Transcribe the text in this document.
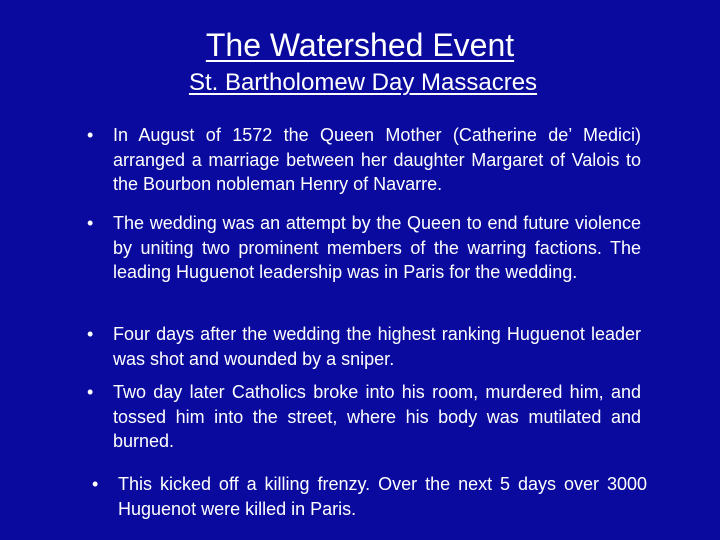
The Watershed Event
St. Bartholomew Day Massacres
• In August of 1572 the Queen Mother (Catherine de’ Medici) arranged a marriage between her daughter Margaret of Valois to the Bourbon nobleman Henry of Navarre.
• The wedding was an attempt by the Queen to end future violence by uniting two prominent members of the warring factions. The leading Huguenot leadership was in Paris for the wedding.
• Four days after the wedding the highest ranking Huguenot leader was shot and wounded by a sniper.
• Two day later Catholics broke into his room, murdered him, and tossed him into the street, where his body was mutilated and burned.
• This kicked off a killing frenzy. Over the next 5 days over 3000 Huguenot were killed in Paris.
